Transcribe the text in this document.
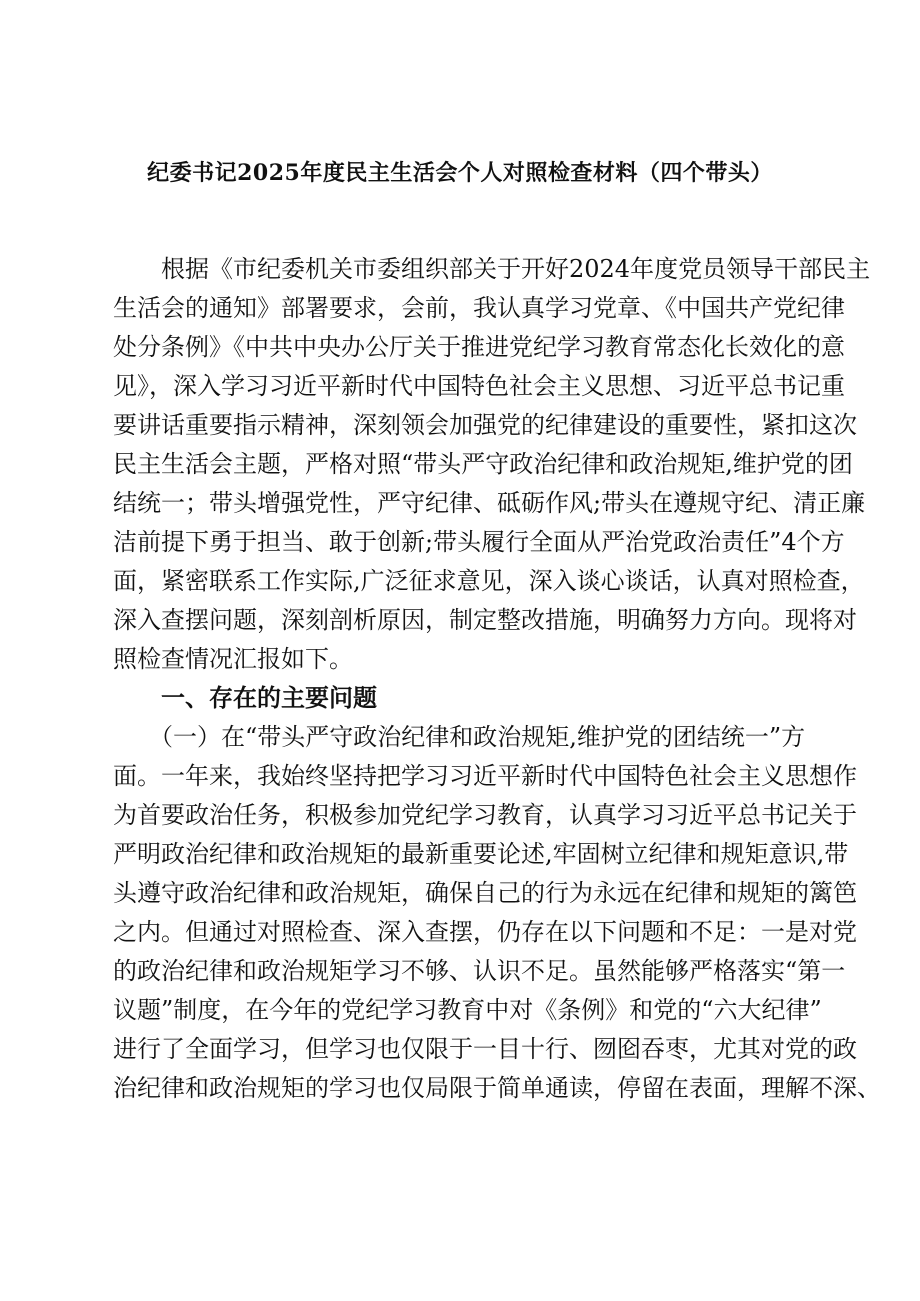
纪委书记2025年度民主生活会个人对照检查材料（四个带头）
　　根据《市纪委机关市委组织部关于开好2024年度党员领导干部民主
生活会的通知》部署要求，会前，我认真学习党章、《中国共产党纪律
处分条例》《中共中央办公厅关于推进党纪学习教育常态化长效化的意
见》，深入学习习近平新时代中国特色社会主义思想、习近平总书记重
要讲话重要指示精神，深刻领会加强党的纪律建设的重要性，紧扣这次
民主生活会主题，严格对照“带头严守政治纪律和政治规矩,维护党的团
结统一；带头增强党性，严守纪律、砥砺作风;带头在遵规守纪、清正廉
洁前提下勇于担当、敢于创新;带头履行全面从严治党政治责任”4个方
面，紧密联系工作实际,广泛征求意见，深入谈心谈话，认真对照检查，
深入查摆问题，深刻剖析原因，制定整改措施，明确努力方向。现将对
照检查情况汇报如下。
　　一、存在的主要问题
　　（一）在“带头严守政治纪律和政治规矩,维护党的团结统一”方
面。一年来，我始终坚持把学习习近平新时代中国特色社会主义思想作
为首要政治任务，积极参加党纪学习教育，认真学习习近平总书记关于
严明政治纪律和政治规矩的最新重要论述,牢固树立纪律和规矩意识,带
头遵守政治纪律和政治规矩，确保自己的行为永远在纪律和规矩的篱笆
之内。但通过对照检查、深入查摆，仍存在以下问题和不足：一是对党
的政治纪律和政治规矩学习不够、认识不足。虽然能够严格落实“第一
议题”制度，在今年的党纪学习教育中对《条例》和党的“六大纪律”
进行了全面学习，但学习也仅限于一目十行、囫囵吞枣，尤其对党的政
治纪律和政治规矩的学习也仅局限于简单通读，停留在表面，理解不深、
